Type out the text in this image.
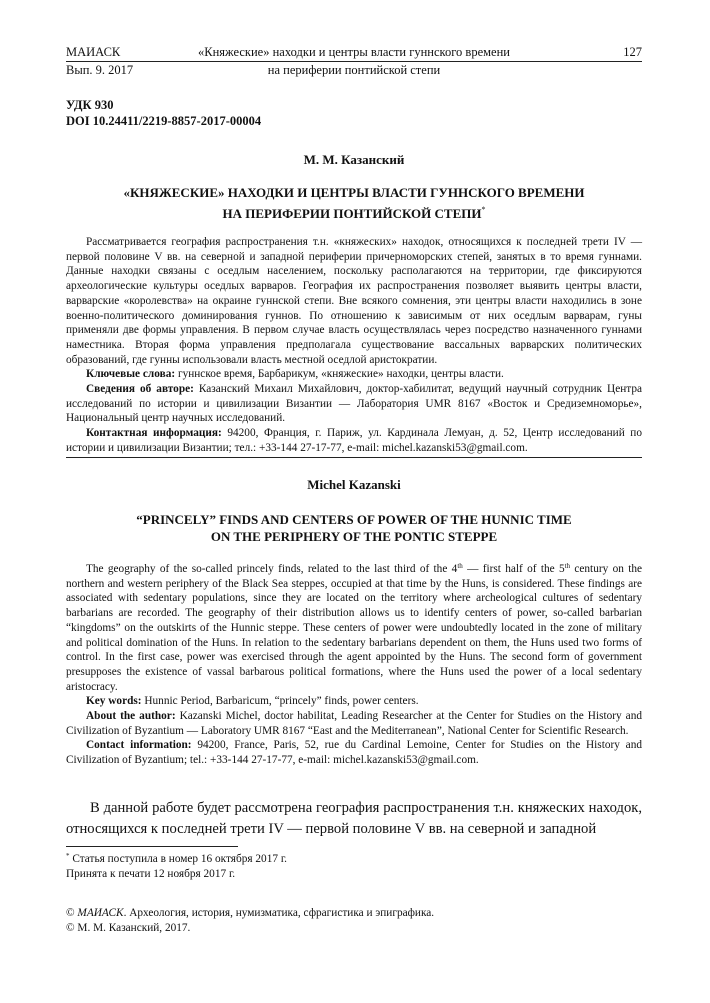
МАИАСК	«Княжеские» находки и центры власти гуннского времени	127
Вып. 9. 2017	на периферии понтийской степи
УДК 930
DOI 10.24411/2219-8857-2017-00004
М. М. Казанский
«КНЯЖЕСКИЕ» НАХОДКИ И ЦЕНТРЫ ВЛАСТИ ГУННСКОГО ВРЕМЕНИ
НА ПЕРИФЕРИИ ПОНТИЙСКОЙ СТЕПИ*

Рассматривается география распространения т.н. «княжеских» находок, относящихся к последней трети IV — первой половине V вв. на северной и западной периферии причерноморских степей, занятых в то время гуннами. Данные находки связаны с оседлым населением, поскольку располагаются на территории, где фиксируются археологические культуры оседлых варваров. География их распространения позволяет выявить центры власти, варварские «королевства» на окраине гуннской степи. Вне всякого сомнения, эти центры власти находились в зоне военно-политического доминирования гуннов. По отношению к зависимым от них оседлым варварам, гуны применяли две формы управления. В первом случае власть осуществлялась через посредство назначенного гуннами наместника. Вторая форма управления предполагала существование вассальных варварских политических образований, где гунны использовали власть местной оседлой аристократии.

Ключевые слова: гуннское время, Барбарикум, «княжеские» находки, центры власти.

Сведения об авторе: Казанский Михаил Михайлович, доктор-хабилитат, ведущий научный сотрудник Центра исследований по истории и цивилизации Византии — Лаборатория UMR 8167 «Восток и Средиземноморье», Национальный центр научных исследований.

Контактная информация: 94200, Франция, г. Париж, ул. Кардинала Лемуан, д. 52, Центр исследований по истории и цивилизации Византии; тел.: +33-144 27-17-77, e-mail: michel.kazanski53@gmail.com.

Michel Kazanski
“PRINCELY” FINDS AND CENTERS OF POWER OF THE HUNNIC TIME
ON THE PERIPHERY OF THE PONTIC STEPPE

The geography of the so-called princely finds, related to the last third of the 4th — first half of the 5th century on the northern and western periphery of the Black Sea steppes, occupied at that time by the Huns, is considered. These findings are associated with sedentary populations, since they are located on the territory where archeological cultures of sedentary barbarians are recorded. The geography of their distribution allows us to identify centers of power, so-called barbarian “kingdoms” on the outskirts of the Hunnic steppe. These centers of power were undoubtedly located in the zone of military and political domination of the Huns. In relation to the sedentary barbarians dependent on them, the Huns used two forms of control. In the first case, power was exercised through the agent appointed by the Huns. The second form of government presupposes the existence of vassal barbarous political formations, where the Huns used the power of a local sedentary aristocracy.

Key words: Hunnic Period, Barbaricum, “princely” finds, power centers.

About the author: Kazanski Michel, doctor habilitat, Leading Researcher at the Center for Studies on the History and Civilization of Byzantium — Laboratory UMR 8167 “East and the Mediterranean”, National Center for Scientific Research.

Contact information: 94200, France, Paris, 52, rue du Cardinal Lemoine, Center for Studies on the History and Civilization of Byzantium; tel.: +33-144 27-17-77, e-mail: michel.kazanski53@gmail.com.

В данной работе будет рассмотрена география распространения т.н. княжеских находок, относящихся к последней трети IV — первой половине V вв. на северной и западной

* Статья поступила в номер 16 октября 2017 г.
Принята к печати 12 ноября 2017 г.
© МАИАСК. Археология, история, нумизматика, сфрагистика и эпиграфика.
© М. М. Казанский, 2017.
